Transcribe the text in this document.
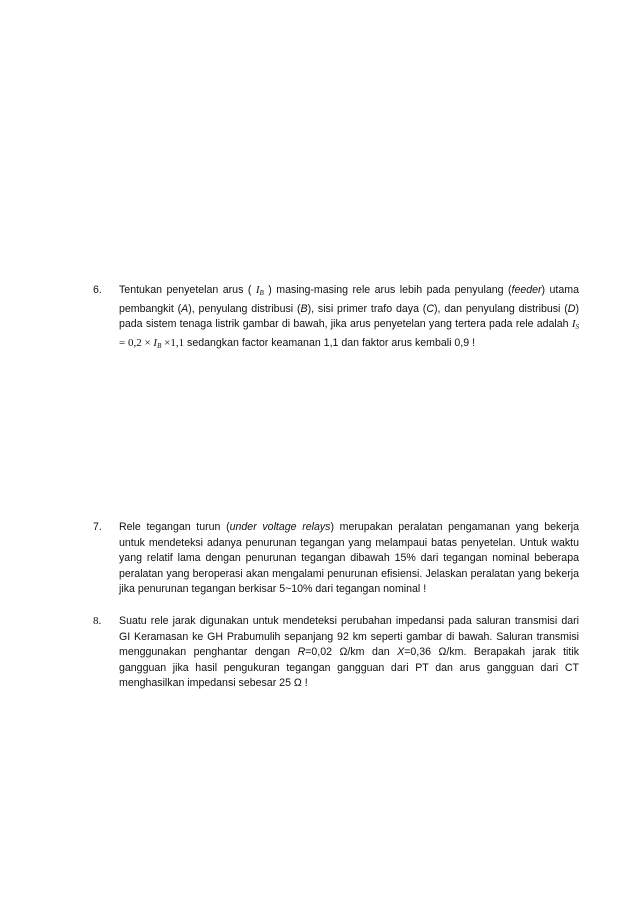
6.	Tentukan penyetelan arus ( $I_B$ ) masing-masing rele arus lebih pada penyulang (feeder) utama pembangkit (A), penyulang distribusi (B), sisi primer trafo daya (C), dan penyulang distribusi (D) pada sistem tenaga listrik gambar di bawah, jika arus penyetelan yang tertera pada rele adalah $I_S = 0,2 \times I_B \times 1,1$ sedangkan factor keamanan 1,1 dan faktor arus kembali 0,9 !

7.	Rele tegangan turun (under voltage relays) merupakan peralatan pengamanan yang bekerja untuk mendeteksi adanya penurunan tegangan yang melampaui batas penyetelan. Untuk waktu yang relatif lama dengan penurunan tegangan dibawah 15% dari tegangan nominal beberapa peralatan yang beroperasi akan mengalami penurunan efisiensi. Jelaskan peralatan yang bekerja jika penurunan tegangan berkisar 5~10% dari tegangan nominal !

8.	Suatu rele jarak digunakan untuk mendeteksi perubahan impedansi pada saluran transmisi dari GI Keramasan ke GH Prabumulih sepanjang 92 km seperti gambar di bawah. Saluran transmisi menggunakan penghantar dengan R=0,02 Ω/km dan X=0,36 Ω/km. Berapakah jarak titik gangguan jika hasil pengukuran tegangan gangguan dari PT dan arus gangguan dari CT menghasilkan impedansi sebesar 25 Ω !
